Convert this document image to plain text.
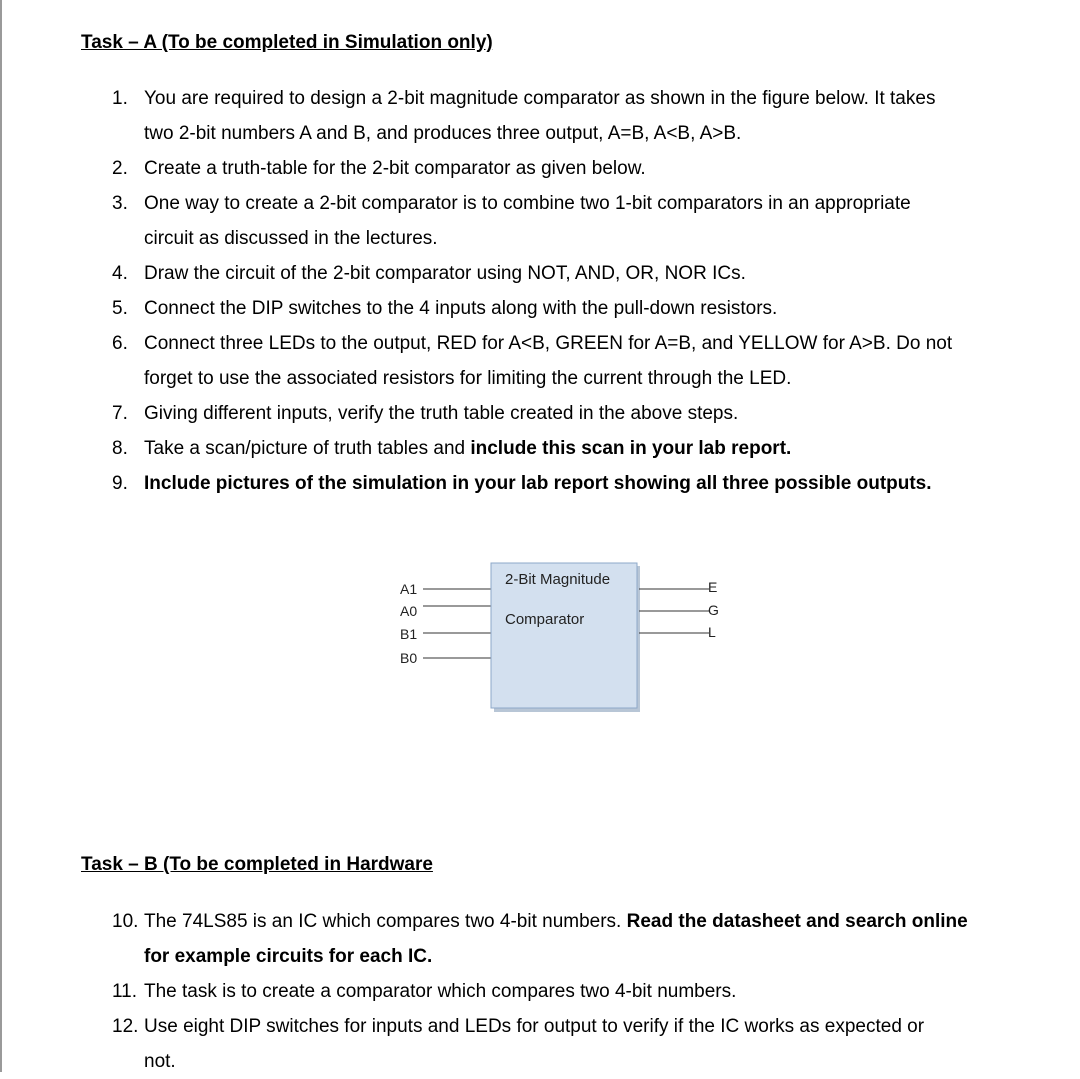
Task – A (To be completed in Simulation only)
1. You are required to design a 2-bit magnitude comparator as shown in the figure below. It takes
two 2-bit numbers A and B, and produces three output, A=B, A<B, A>B.
2. Create a truth-table for the 2-bit comparator as given below.
3. One way to create a 2-bit comparator is to combine two 1-bit comparators in an appropriate
circuit as discussed in the lectures.
4. Draw the circuit of the 2-bit comparator using NOT, AND, OR, NOR ICs.
5. Connect the DIP switches to the 4 inputs along with the pull-down resistors.
6. Connect three LEDs to the output, RED for A<B, GREEN for A=B, and YELLOW for A>B. Do not
forget to use the associated resistors for limiting the current through the LED.
7. Giving different inputs, verify the truth table created in the above steps.
8. Take a scan/picture of truth tables and include this scan in your lab report.
9. Include pictures of the simulation in your lab report showing all three possible outputs.
A1
A0
B1
B0
2-Bit Magnitude
Comparator
E
G
L
Task – B (To be completed in Hardware
10. The 74LS85 is an IC which compares two 4-bit numbers. Read the datasheet and search online
for example circuits for each IC.
11. The task is to create a comparator which compares two 4-bit numbers.
12. Use eight DIP switches for inputs and LEDs for output to verify if the IC works as expected or
not.
